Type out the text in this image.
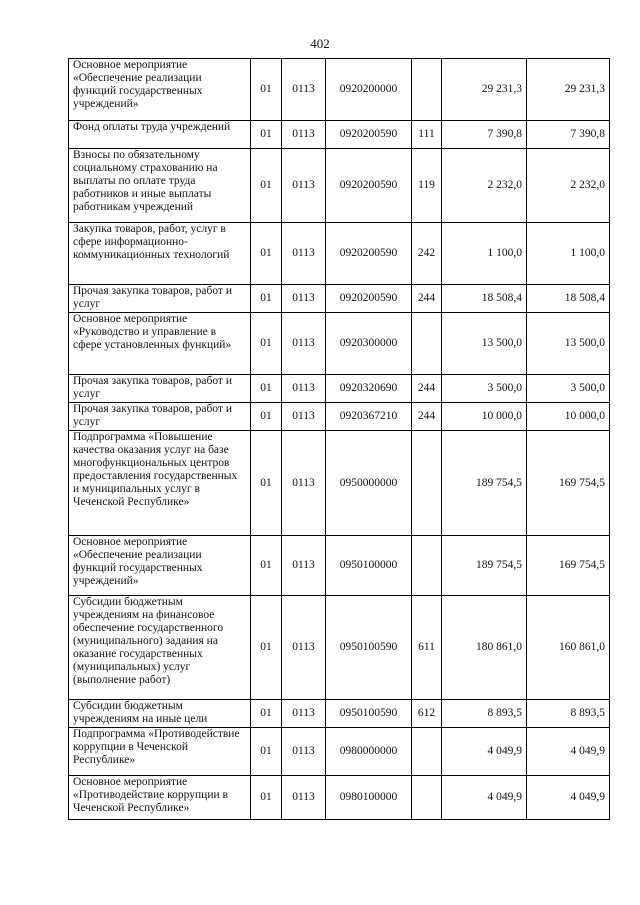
402
Основное мероприятие «Обеспечение реализации функций государственных учреждений»	01	0113	0920200000		29 231,3	29 231,3
Фонд оплаты труда учреждений	01	0113	0920200590	111	7 390,8	7 390,8
Взносы по обязательному социальному страхованию на выплаты по оплате труда работников и иные выплаты работникам учреждений	01	0113	0920200590	119	2 232,0	2 232,0
Закупка товаров, работ, услуг в сфере информационно-коммуникационных технологий	01	0113	0920200590	242	1 100,0	1 100,0
Прочая закупка товаров, работ и услуг	01	0113	0920200590	244	18 508,4	18 508,4
Основное мероприятие «Руководство и управление в сфере установленных функций»	01	0113	0920300000		13 500,0	13 500,0
Прочая закупка товаров, работ и услуг	01	0113	0920320690	244	3 500,0	3 500,0
Прочая закупка товаров, работ и услуг	01	0113	0920367210	244	10 000,0	10 000,0
Подпрограмма «Повышение качества оказания услуг на базе многофункциональных центров предоставления государственных и муниципальных услуг в Чеченской Республике»	01	0113	0950000000		189 754,5	169 754,5
Основное мероприятие «Обеспечение реализации функций государственных учреждений»	01	0113	0950100000		189 754,5	169 754,5
Субсидии бюджетным учреждениям на финансовое обеспечение государственного (муниципального) задания на оказание государственных (муниципальных) услуг (выполнение работ)	01	0113	0950100590	611	180 861,0	160 861,0
Субсидии бюджетным учреждениям на иные цели	01	0113	0950100590	612	8 893,5	8 893,5
Подпрограмма «Противодействие коррупции в Чеченской Республике»	01	0113	0980000000		4 049,9	4 049,9
Основное мероприятие «Противодействие коррупции в Чеченской Республике»	01	0113	0980100000		4 049,9	4 049,9
